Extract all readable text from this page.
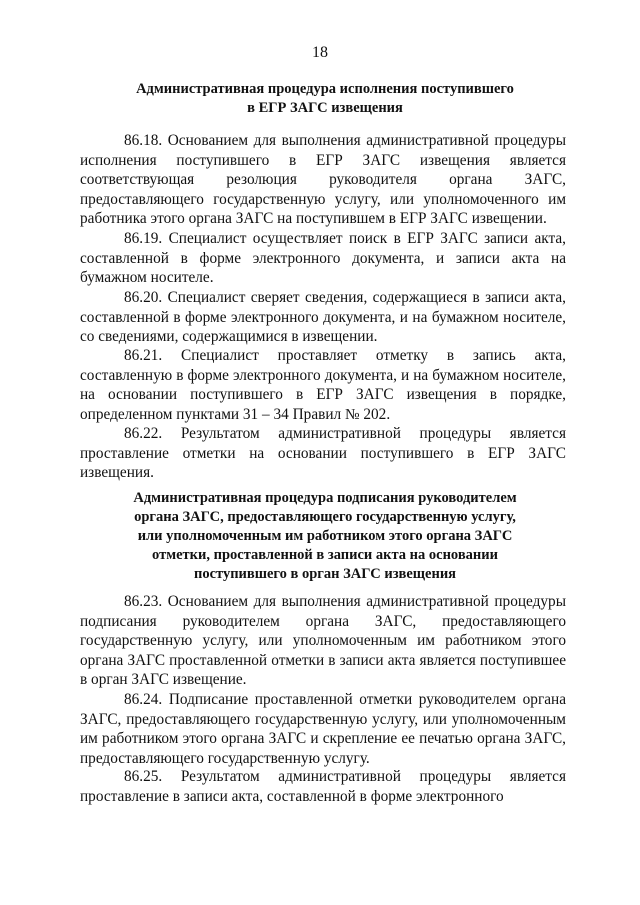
18
Административная процедура исполнения поступившего
в ЕГР ЗАГС извещения

86.18. Основанием для выполнения административной процедуры исполнения поступившего в ЕГР ЗАГС извещения является соответствующая резолюция руководителя органа ЗАГС, предоставляющего государственную услугу, или уполномоченного им работника этого органа ЗАГС на поступившем в ЕГР ЗАГС извещении.

86.19. Специалист осуществляет поиск в ЕГР ЗАГС записи акта, составленной в форме электронного документа, и записи акта на бумажном носителе.

86.20. Специалист сверяет сведения, содержащиеся в записи акта, составленной в форме электронного документа, и на бумажном носителе, со сведениями, содержащимися в извещении.

86.21. Специалист проставляет отметку в запись акта, составленную в форме электронного документа, и на бумажном носителе, на основании поступившего в ЕГР ЗАГС извещения в порядке, определенном пунктами 31 – 34 Правил № 202.

86.22. Результатом административной процедуры является проставление отметки на основании поступившего в ЕГР ЗАГС извещения.

Административная процедура подписания руководителем
органа ЗАГС, предоставляющего государственную услугу,
или уполномоченным им работником этого органа ЗАГС
отметки, проставленной в записи акта на основании
поступившего в орган ЗАГС извещения

86.23. Основанием для выполнения административной процедуры подписания руководителем органа ЗАГС, предоставляющего государственную услугу, или уполномоченным им работником этого органа ЗАГС проставленной отметки в записи акта является поступившее в орган ЗАГС извещение.

86.24. Подписание проставленной отметки руководителем органа ЗАГС, предоставляющего государственную услугу, или уполномоченным им работником этого органа ЗАГС и скрепление ее печатью органа ЗАГС, предоставляющего государственную услугу.

86.25. Результатом административной процедуры является проставление в записи акта, составленной в форме электронного
